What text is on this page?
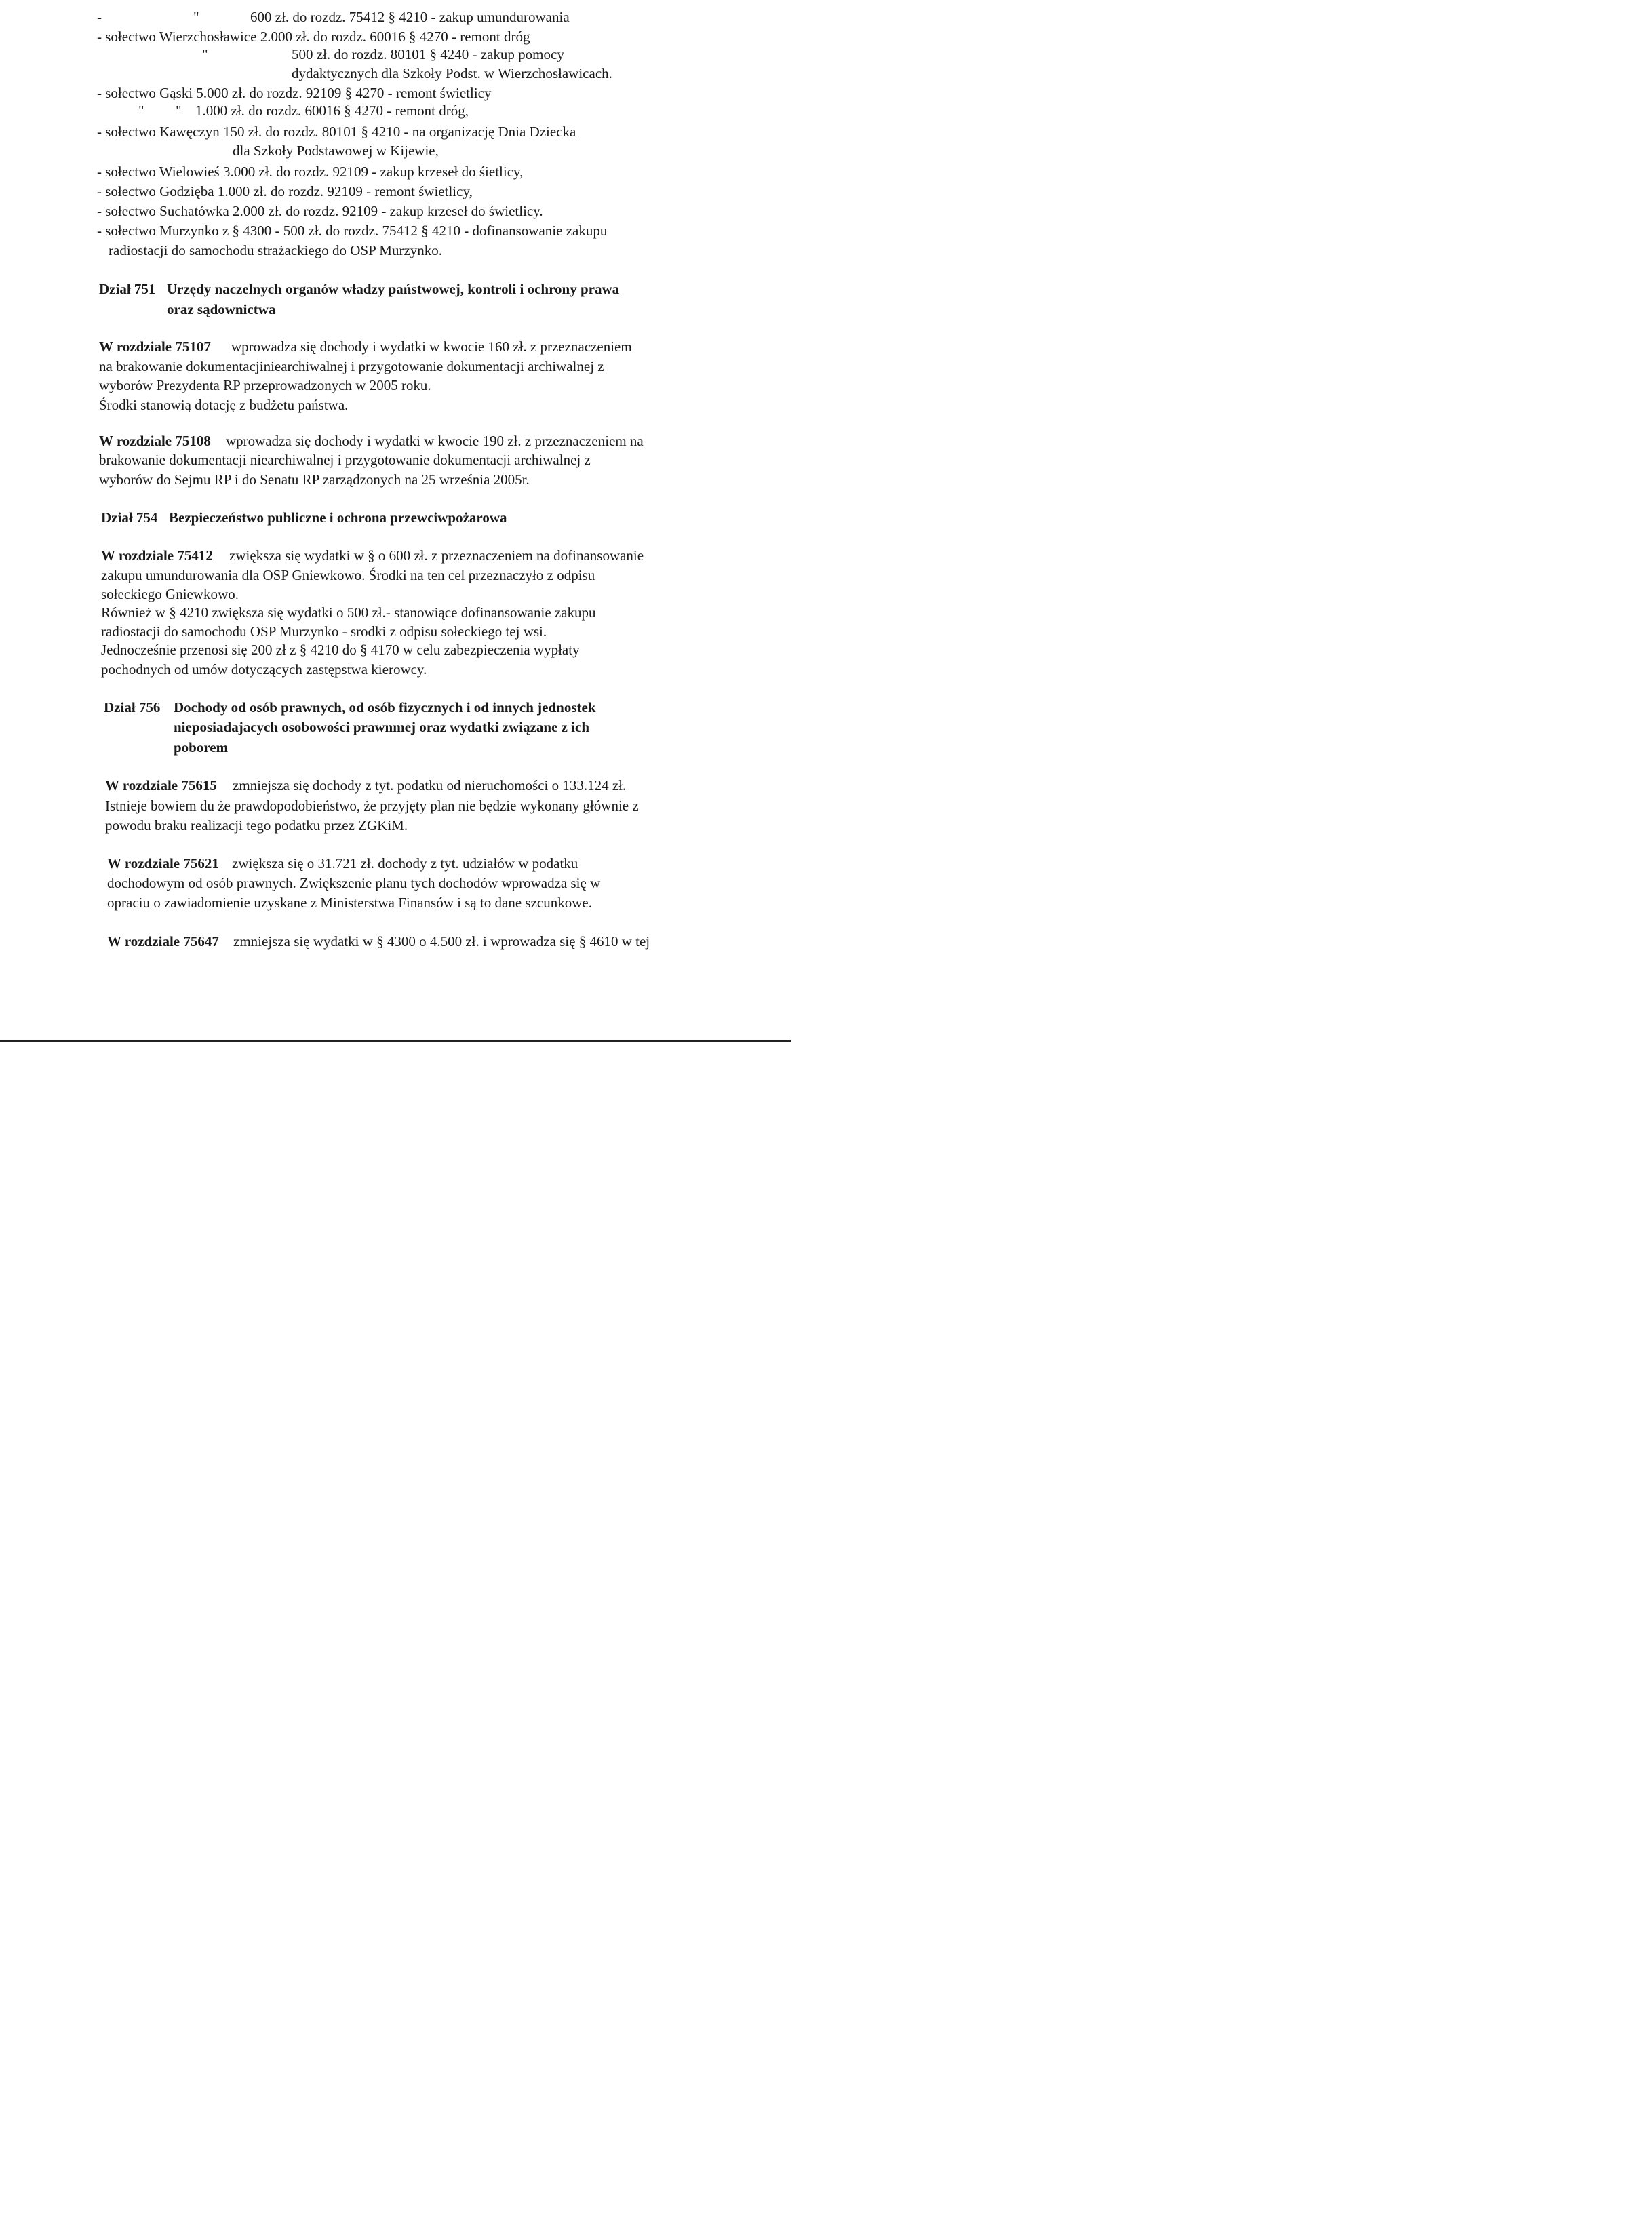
-	"	600 zł. do rozdz. 75412 § 4210 - zakup umundurowania
- sołectwo Wierzchosławice 2.000 zł. do rozdz. 60016 § 4270 - remont dróg
"	500 zł. do rozdz. 80101 § 4240 - zakup pomocy
dydaktycznych dla Szkoły Podst. w Wierzchosławicach.
- sołectwo Gąski 5.000 zł. do rozdz. 92109 § 4270 - remont świetlicy
" " 1.000 zł. do rozdz. 60016 § 4270 - remont dróg,
- sołectwo Kawęczyn 150 zł. do rozdz. 80101 § 4210 - na organizację Dnia Dziecka
dla Szkoły Podstawowej w Kijewie,
- sołectwo Wielowieś 3.000 zł. do rozdz. 92109 - zakup krzeseł do śietlicy,
- sołectwo Godzięba 1.000 zł. do rozdz. 92109 - remont świetlicy,
- sołectwo Suchatówka 2.000 zł. do rozdz. 92109 - zakup krzeseł do świetlicy.
- sołectwo Murzynko z § 4300 - 500 zł. do rozdz. 75412 § 4210 - dofinansowanie zakupu
radiostacji do samochodu strażackiego do OSP Murzynko.
Dział 751 Urzędy naczelnych organów władzy państwowej, kontroli i ochrony prawa
oraz sądownictwa
W rozdziale 75107 wprowadza się dochody i wydatki w kwocie 160 zł. z przeznaczeniem
na brakowanie dokumentacjiniearchiwalnej i przygotowanie dokumentacji archiwalnej z
wyborów Prezydenta RP przeprowadzonych w 2005 roku.
Środki stanowią dotację z budżetu państwa.
W rozdziale 75108 wprowadza się dochody i wydatki w kwocie 190 zł. z przeznaczeniem na
brakowanie dokumentacji niearchiwalnej i przygotowanie dokumentacji archiwalnej z
wyborów do Sejmu RP i do Senatu RP zarządzonych na 25 września 2005r.
Dział 754 Bezpieczeństwo publiczne i ochrona przewciwpożarowa
W rozdziale 75412 zwiększa się wydatki w § o 600 zł. z przeznaczeniem na dofinansowanie
zakupu umundurowania dla OSP Gniewkowo. Środki na ten cel przeznaczyło z odpisu
sołeckiego Gniewkowo.
Również w § 4210 zwiększa się wydatki o 500 zł.- stanowiące dofinansowanie zakupu
radiostacji do samochodu OSP Murzynko - srodki z odpisu sołeckiego tej wsi.
Jednocześnie przenosi się 200 zł z § 4210 do § 4170 w celu zabezpieczenia wypłaty
pochodnych od umów dotyczących zastępstwa kierowcy.
Dział 756 Dochody od osób prawnych, od osób fizycznych i od innych jednostek
nieposiadajacych osobowości prawnmej oraz wydatki związane z ich
poborem
W rozdziale 75615 zmniejsza się dochody z tyt. podatku od nieruchomości o 133.124 zł.
Istnieje bowiem du że prawdopodobieństwo, że przyjęty plan nie będzie wykonany głównie z
powodu braku realizacji tego podatku przez ZGKiM.
W rozdziale 75621 zwiększa się o 31.721 zł. dochody z tyt. udziałów w podatku
dochodowym od osób prawnych. Zwiększenie planu tych dochodów wprowadza się w
opraciu o zawiadomienie uzyskane z Ministerstwa Finansów i są to dane szcunkowe.
W rozdziale 75647 zmniejsza się wydatki w § 4300 o 4.500 zł. i wprowadza się § 4610 w tej
